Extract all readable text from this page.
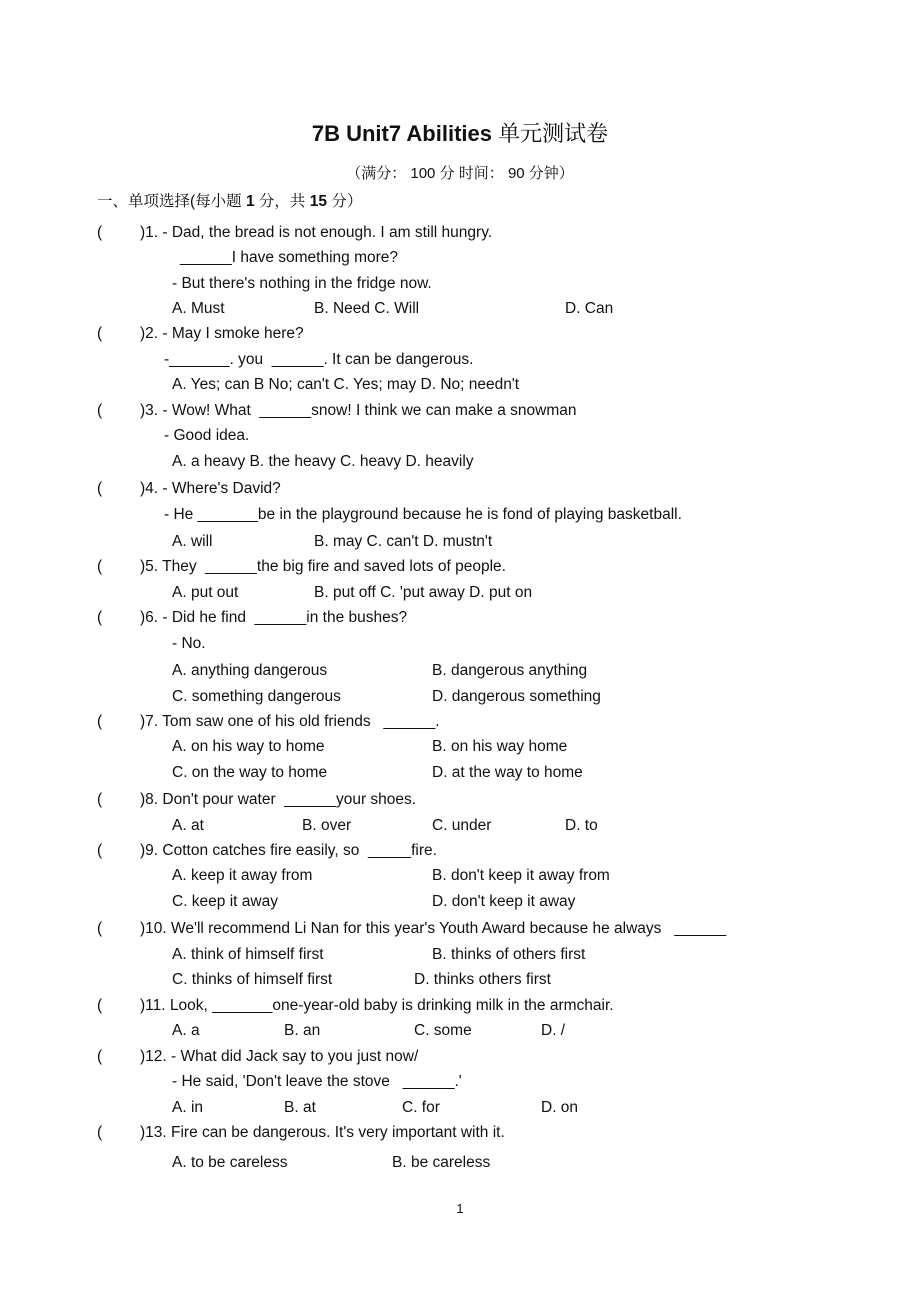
7B Unit7 Abilities 单元测试卷
（满分： 100 分 时间： 90 分钟）
一、单项选择(每小题 1 分，共 15 分）
( )1. - Dad, the bread is not enough. I am still hungry.
______I have something more?
- But there's nothing in the fridge now.
A. Must	B. Need C. Will	D. Can
( )2. - May I smoke here?
-_______. you  ______. It can be dangerous.
A. Yes; can B No; can't C. Yes; may D. No; needn't
( )3. - Wow! What  ______snow! I think we can make a snowman
- Good idea.
A. a heavy B. the heavy C. heavy D. heavily
( )4. - Where's David?
- He _______be in the playground because he is fond of playing basketball.
A. will	B. may C. can't D. mustn't
( )5. They  ______the big fire and saved lots of people.
A. put out	B. put off C. 'put away D. put on
( )6. - Did he find  ______in the bushes?
- No.
A. anything dangerous	B. dangerous anything
C. something dangerous	D. dangerous something
( )7. Tom saw one of his old friends   ______.
A. on his way to home	B. on his way home
C. on the way to home	D. at the way to home
( )8. Don't pour water  ______your shoes.
A. at	B. over	C. under	D. to
( )9. Cotton catches fire easily, so  _____fire.
A. keep it away from	B. don't keep it away from
C. keep it away	D. don't keep it away
( )10. We'll recommend Li Nan for this year's Youth Award because he always   ______
A. think of himself first	B. thinks of others first
C. thinks of himself first	D. thinks others first
( )11. Look, _______one-year-old baby is drinking milk in the armchair.
A. a	B. an	C. some	D. /
( )12. - What did Jack say to you just now/
- He said, 'Don't leave the stove   ______.'
A. in	B. at	C. for	D. on
( )13. Fire can be dangerous. It's very important with it.
A. to be careless	B. be careless
1
